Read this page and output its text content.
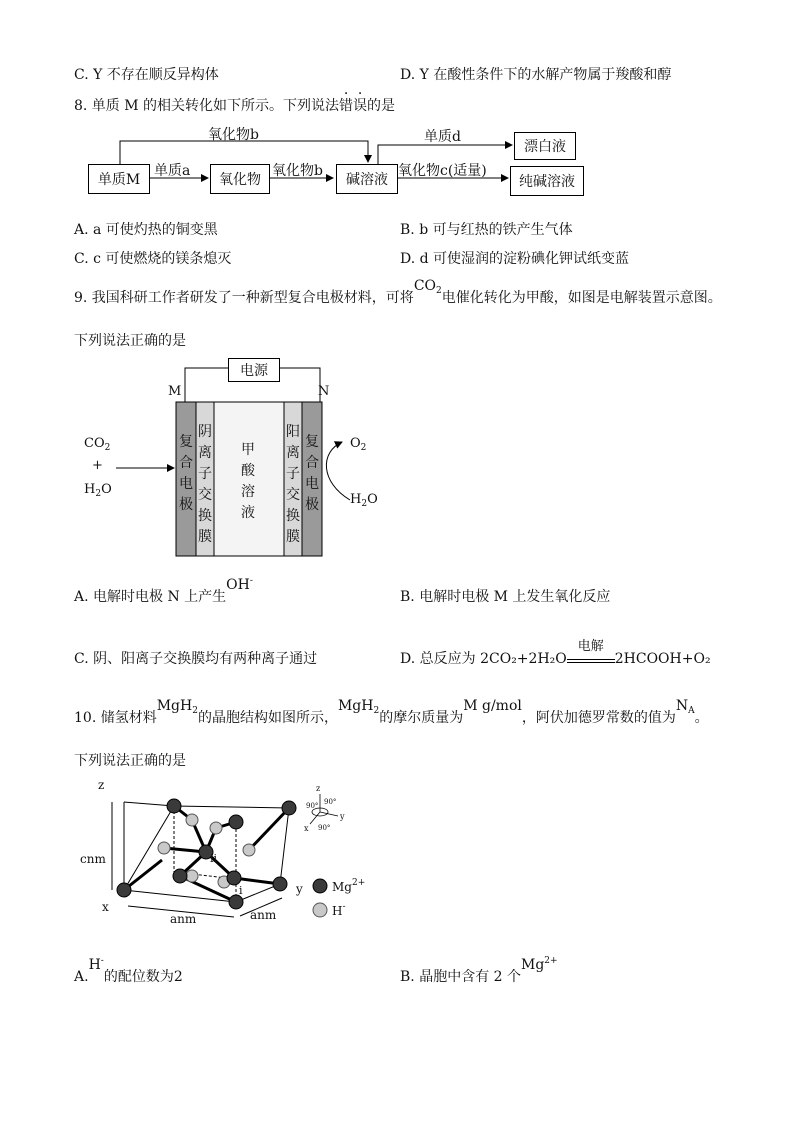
C. Y 不存在顺反异构体	D. Y 在酸性条件下的水解产物属于羧酸和醇
8. 单质 M 的相关转化如下所示。下列说法错误的是
单质M	氧化物	碱溶液
漂白液
纯碱溶液
氧化物b
单质a	氧化物b
单质d
氧化物c(适量)
A. a 可使灼热的铜变黑	B. b 可与红热的铁产生气体
C. c 可使燃烧的镁条熄灭	D. d 可使湿润的淀粉碘化钾试纸变蓝
9. 我国科研工作者研发了一种新型复合电极材料，可将$CO_2$电催化转化为甲酸，如图是电解装置示意图。
下列说法正确的是
电源
M	N
复合电极
阴离子交换膜
甲酸溶液
阳离子交换膜
复合电极
$CO_2$
+
$H_2O$
$O_2$
$H_2O$
A. 电解时电极 N 上产生OH-
B. 电解时电极 M 上发生氧化反应
C. 阴、阳离子交换膜均有两种离子通过	D. 总反应为 2CO₂+2H₂O
电解
2HCOOH+O₂
10. 储氢材料MgH$_2$的晶胞结构如图所示，MgH$_2$的摩尔质量为M g/mol，阿伏加德罗常数的值为$N_A$。
下列说法正确的是
z
x
y
cnm
anm	anm
ii
i	$Mg^{2+}$
H-
z
x
y
90° 90°
90°
A.H-的配位数为2	B. 晶胞中含有 2 个$Mg^{2+}$
